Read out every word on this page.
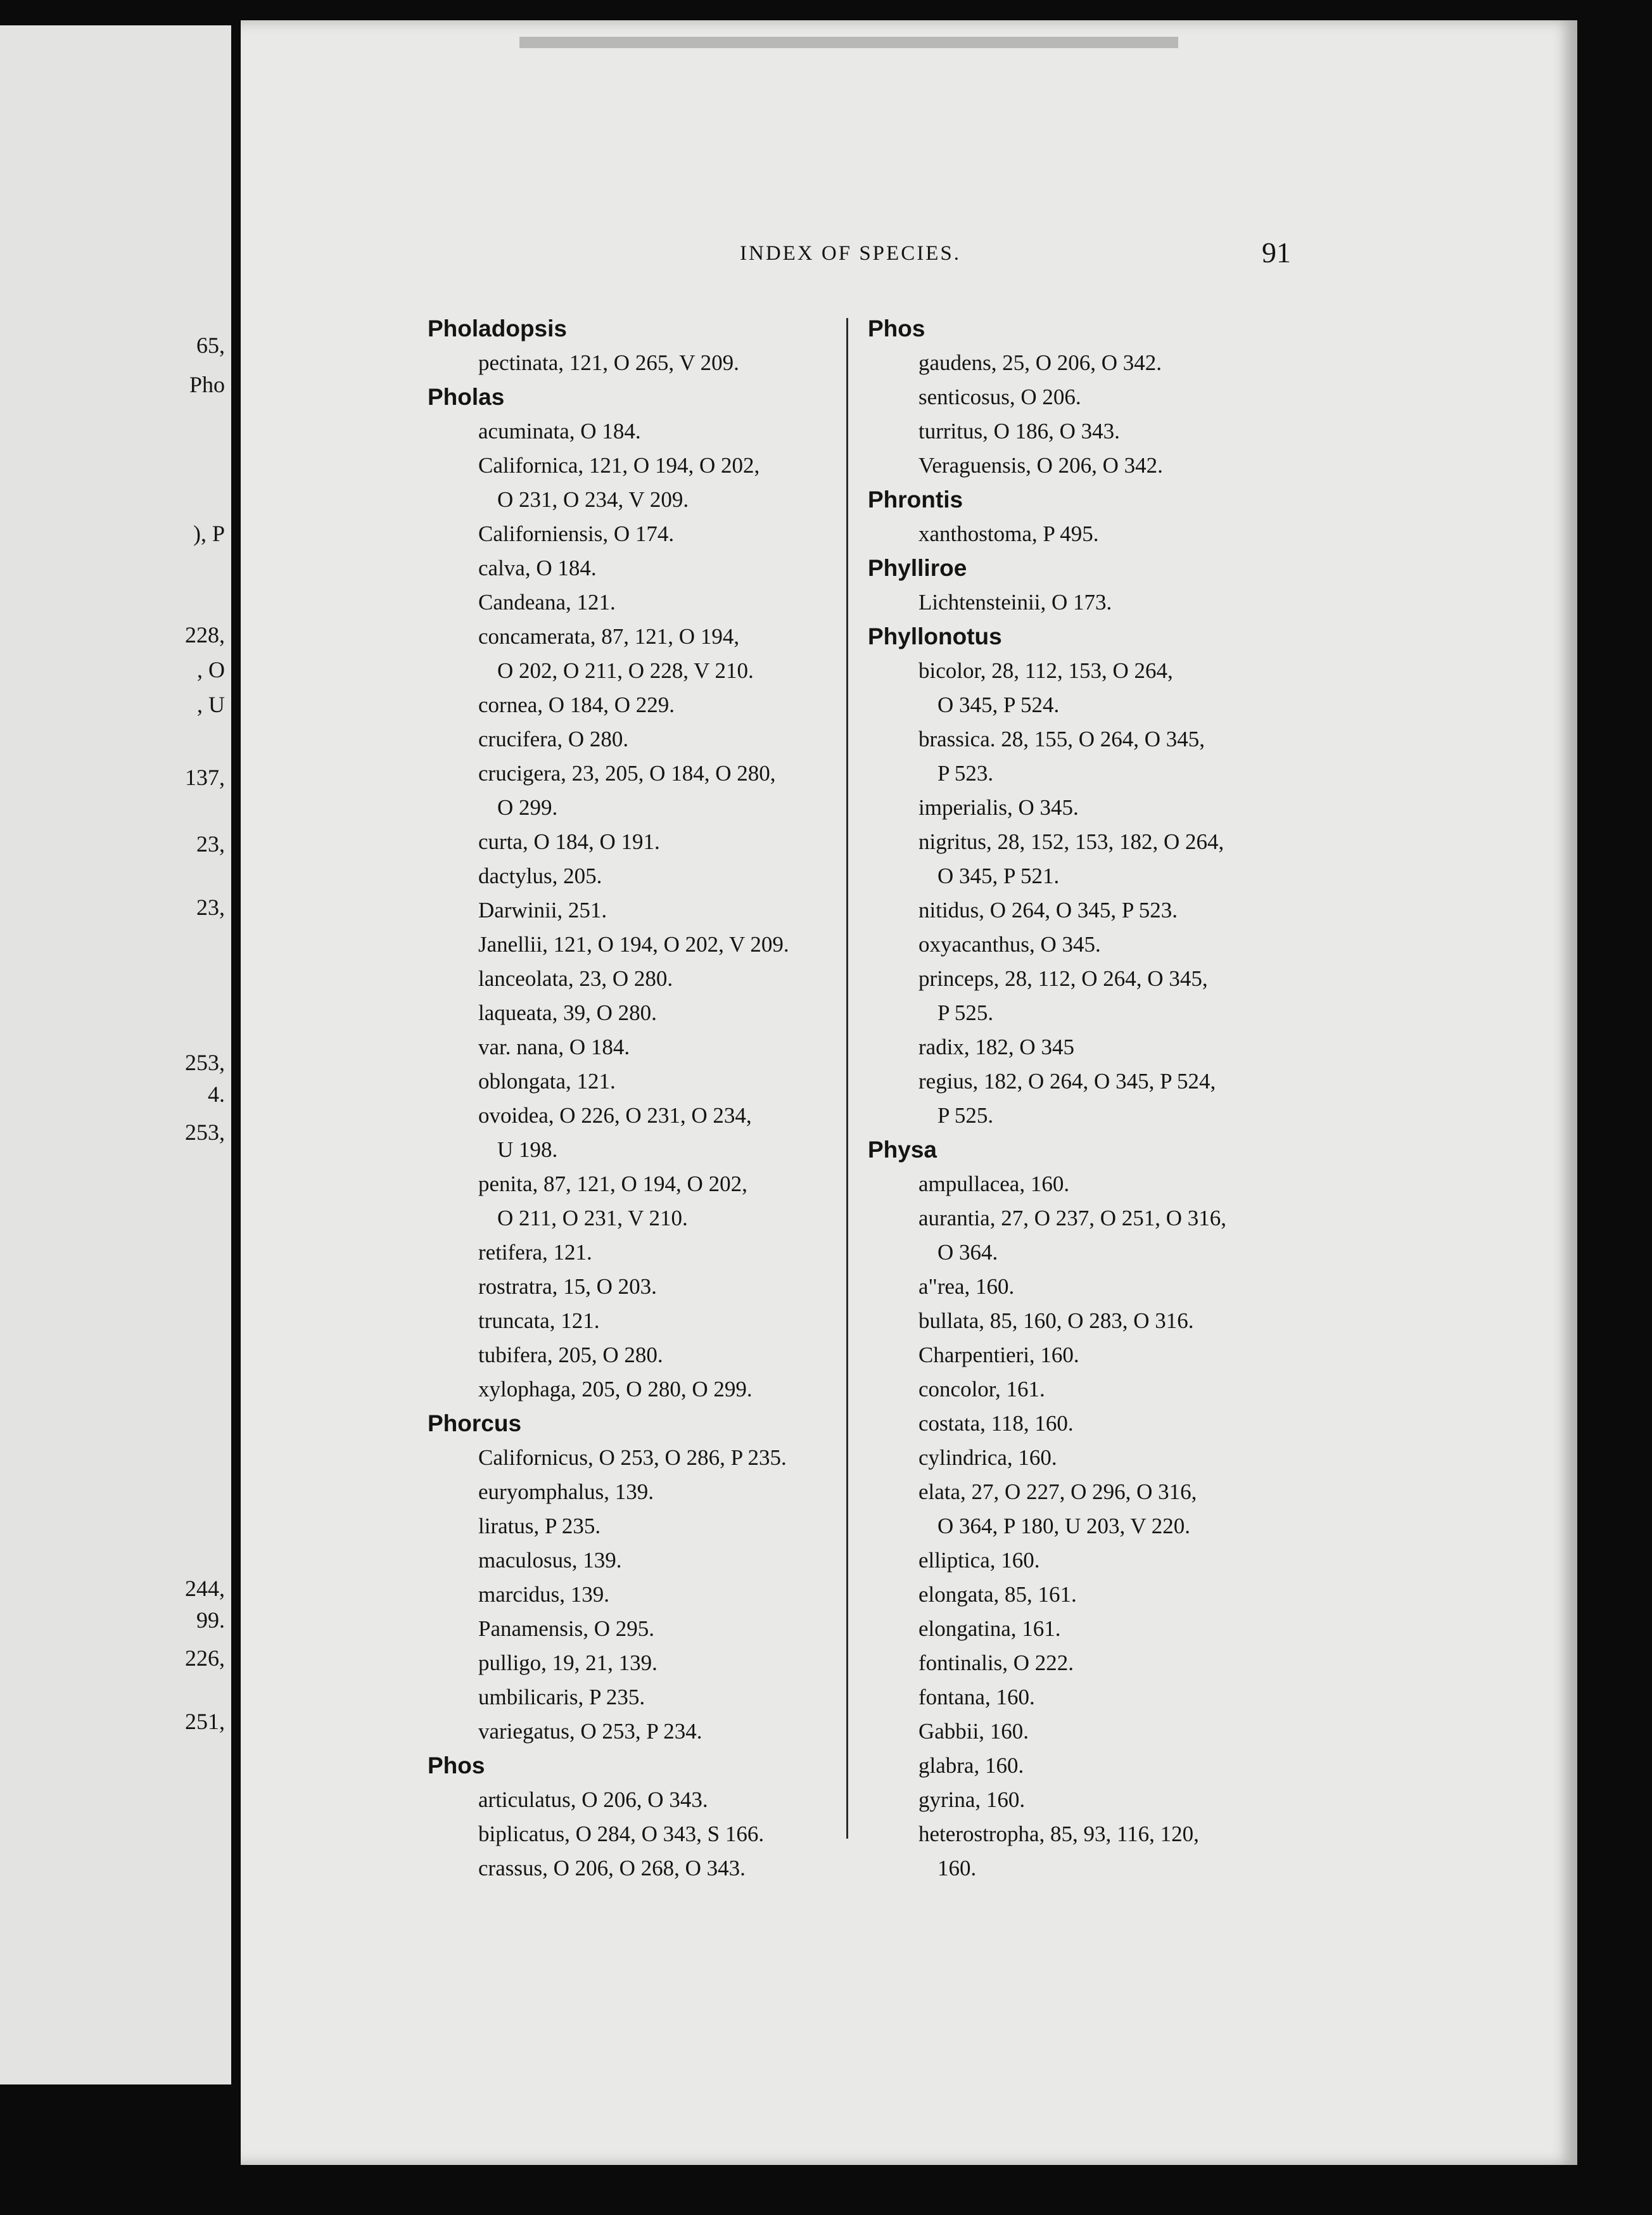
65,
Pho
), P
228,
, O
, U
137,
23,
23,
253,
4.
253,
244,
99.
226,
251,
INDEX OF SPECIES.	91
Pholadopsis
pectinata, 121, O 265, V 209.
Pholas
acuminata, O 184.
Californica, 121, O 194, O 202,
O 231, O 234, V 209.
Californiensis, O 174.
calva, O 184.
Candeana, 121.
concamerata, 87, 121, O 194,
O 202, O 211, O 228, V 210.
cornea, O 184, O 229.
crucifera, O 280.
crucigera, 23, 205, O 184, O 280,
O 299.
curta, O 184, O 191.
dactylus, 205.
Darwinii, 251.
Janellii, 121, O 194, O 202, V 209.
lanceolata, 23, O 280.
laqueata, 39, O 280.
var. nana, O 184.
oblongata, 121.
ovoidea, O 226, O 231, O 234,
U 198.
penita, 87, 121, O 194, O 202,
O 211, O 231, V 210.
retifera, 121.
rostratra, 15, O 203.
truncata, 121.
tubifera, 205, O 280.
xylophaga, 205, O 280, O 299.
Phorcus
Californicus, O 253, O 286, P 235.
euryomphalus, 139.
liratus, P 235.
maculosus, 139.
marcidus, 139.
Panamensis, O 295.
pulligo, 19, 21, 139.
umbilicaris, P 235.
variegatus, O 253, P 234.
Phos
articulatus, O 206, O 343.
biplicatus, O 284, O 343, S 166.
crassus, O 206, O 268, O 343.
Phos
gaudens, 25, O 206, O 342.
senticosus, O 206.
turritus, O 186, O 343.
Veraguensis, O 206, O 342.
Phrontis
xanthostoma, P 495.
Phylliroe
Lichtensteinii, O 173.
Phyllonotus
bicolor, 28, 112, 153, O 264,
O 345, P 524.
brassica. 28, 155, O 264, O 345,
P 523.
imperialis, O 345.
nigritus, 28, 152, 153, 182, O 264,
O 345, P 521.
nitidus, O 264, O 345, P 523.
oxyacanthus, O 345.
princeps, 28, 112, O 264, O 345,
P 525.
radix, 182, O 345
regius, 182, O 264, O 345, P 524,
P 525.
Physa
ampullacea, 160.
aurantia, 27, O 237, O 251, O 316,
O 364.
a"rea, 160.
bullata, 85, 160, O 283, O 316.
Charpentieri, 160.
concolor, 161.
costata, 118, 160.
cylindrica, 160.
elata, 27, O 227, O 296, O 316,
O 364, P 180, U 203, V 220.
elliptica, 160.
elongata, 85, 161.
elongatina, 161.
fontinalis, O 222.
fontana, 160.
Gabbii, 160.
glabra, 160.
gyrina, 160.
heterostropha, 85, 93, 116, 120,
160.
